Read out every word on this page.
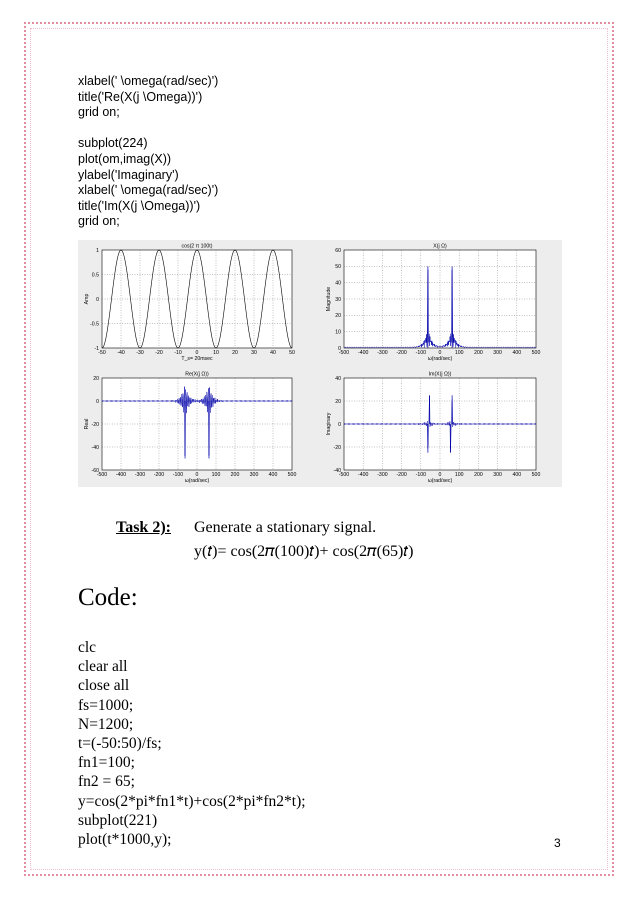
xlabel(' \omega(rad/sec)')
title('Re(X(j \Omega))')
grid on;
subplot(224)
plot(om,imag(X))
ylabel('Imaginary')
xlabel(' \omega(rad/sec)')
title('Im(X(j \Omega))')
grid on;
-50 -40 -30 -20 -10	0	10	20	30	40	50
1
0.5
0
-0.5
-1
cos(2 π 100t)
T_s= 20msec
Amp
-500 -400 -300 -200 -100 0	100 200 300 400 500
60
50
40
30
20
10
0
X(j Ω)
ω(rad/sec)
Magnitude
-500 -400 -300 -200 -100 0	100 200 300 400 500
20
0
-20
-40
-60
Re(X(j Ω))
ω(rad/sec)
Real
-500 -400 -300 -200 -100 0	100 200 300 400 500
40
20
0
-20
-40
Im(X(j Ω))
ω(rad/sec)
Imaginary
Task 2): Generate a stationary signal.
y(𝑡)= cos(2𝜋(100)𝑡)+ cos(2𝜋(65)𝑡)
Code:
clc
clear all
close all
fs=1000;
N=1200;
t=(-50:50)/fs;
fn1=100;
fn2 = 65;
y=cos(2*pi*fn1*t)+cos(2*pi*fn2*t);
subplot(221)
plot(t*1000,y);	3
